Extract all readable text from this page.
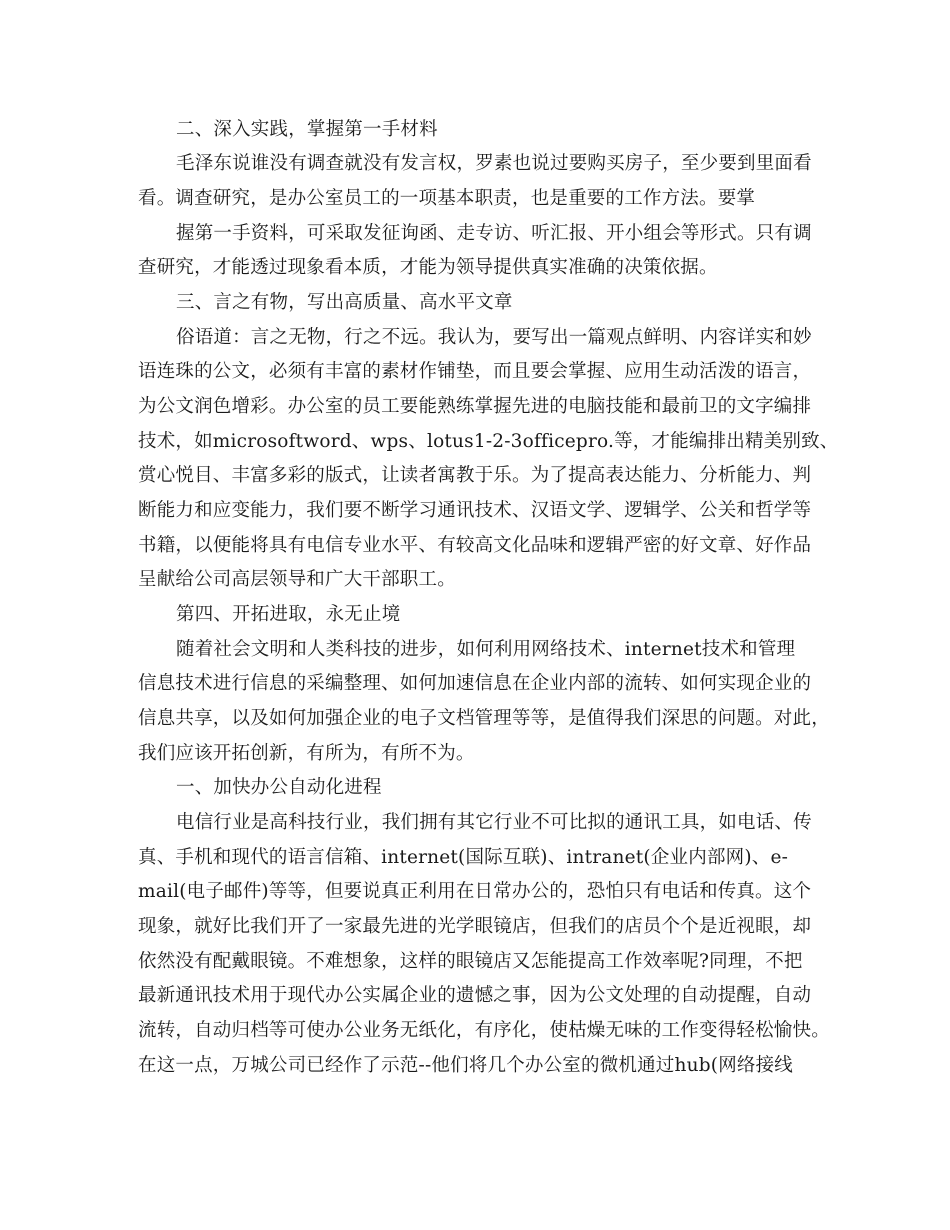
二、深入实践，掌握第一手材料
毛泽东说谁没有调查就没有发言权，罗素也说过要购买房子，至少要到里面看
看。调查研究，是办公室员工的一项基本职责，也是重要的工作方法。要掌
握第一手资料，可采取发征询函、走专访、听汇报、开小组会等形式。只有调
查研究，才能透过现象看本质，才能为领导提供真实准确的决策依据。
三、言之有物，写出高质量、高水平文章
俗语道：言之无物，行之不远。我认为，要写出一篇观点鲜明、内容详实和妙
语连珠的公文，必须有丰富的素材作铺垫，而且要会掌握、应用生动活泼的语言，
为公文润色增彩。办公室的员工要能熟练掌握先进的电脑技能和最前卫的文字编排
技术，如microsoftword、wps、lotus1-2-3officepro.等，才能编排出精美别致、
赏心悦目、丰富多彩的版式，让读者寓教于乐。为了提高表达能力、分析能力、判
断能力和应变能力，我们要不断学习通讯技术、汉语文学、逻辑学、公关和哲学等
书籍，以便能将具有电信专业水平、有较高文化品味和逻辑严密的好文章、好作品
呈献给公司高层领导和广大干部职工。
第四、开拓进取，永无止境
随着社会文明和人类科技的进步，如何利用网络技术、internet技术和管理
信息技术进行信息的采编整理、如何加速信息在企业内部的流转、如何实现企业的
信息共享，以及如何加强企业的电子文档管理等等，是值得我们深思的问题。对此，
我们应该开拓创新，有所为，有所不为。
一、加快办公自动化进程
电信行业是高科技行业，我们拥有其它行业不可比拟的通讯工具，如电话、传
真、手机和现代的语言信箱、internet(国际互联)、intranet(企业内部网)、e-
mail(电子邮件)等等，但要说真正利用在日常办公的，恐怕只有电话和传真。这个
现象，就好比我们开了一家最先进的光学眼镜店，但我们的店员个个是近视眼，却
依然没有配戴眼镜。不难想象，这样的眼镜店又怎能提高工作效率呢?同理，不把
最新通讯技术用于现代办公实属企业的遗憾之事，因为公文处理的自动提醒，自动
流转，自动归档等可使办公业务无纸化，有序化，使枯燥无味的工作变得轻松愉快。
在这一点，万城公司已经作了示范--他们将几个办公室的微机通过hub(网络接线
